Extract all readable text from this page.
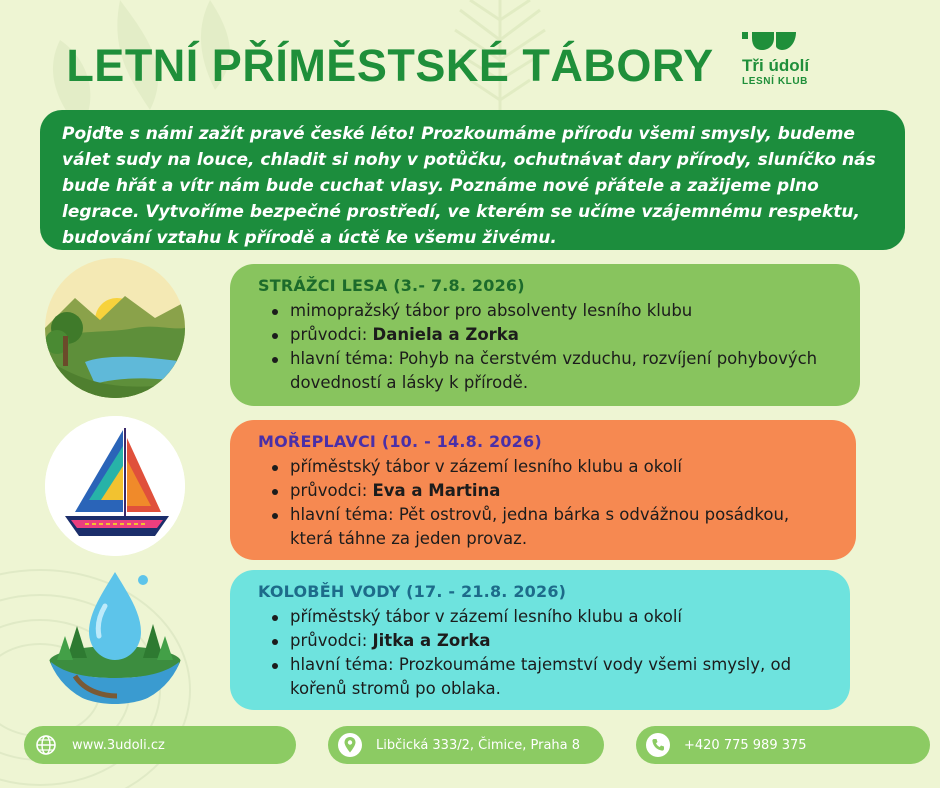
LETNÍ PŘÍMĚSTSKÉ TÁBORY	Tři údolí
LESNÍ KLUB

Pojďte s námi zažít pravé české léto! Prozkoumáme přírodu všemi smysly, budeme válet sudy na louce, chladit si nohy v potůčku, ochutnávat dary přírody, sluníčko nás bude hřát a vítr nám bude cuchat vlasy. Poznáme nové přátele a zažijeme plno legrace. Vytvoříme bezpečné prostředí, ve kterém se učíme vzájemnému respektu, budování vztahu k přírodě a úctě ke všemu živému.

STRÁŽCI LESA (3.- 7.8. 2026)
mimopražský tábor pro absolventy lesního klubu
průvodci: Daniela a Zorka
hlavní téma: Pohyb na čerstvém vzduchu, rozvíjení pohybových dovedností a lásky k přírodě.
MOŘEPLAVCI (10. - 14.8. 2026)
příměstský tábor v zázemí lesního klubu a okolí
průvodci: Eva a Martina
hlavní téma: Pět ostrovů, jedna bárka s odvážnou posádkou, která táhne za jeden provaz.
KOLOBĚH VODY (17. - 21.8. 2026)
příměstský tábor v zázemí lesního klubu a okolí
průvodci: Jitka a Zorka
hlavní téma: Prozkoumáme tajemství vody všemi smysly, od kořenů stromů po oblaka.
www.3udoli.cz	Libčická 333/2, Čimice, Praha 8	+420 775 989 375
